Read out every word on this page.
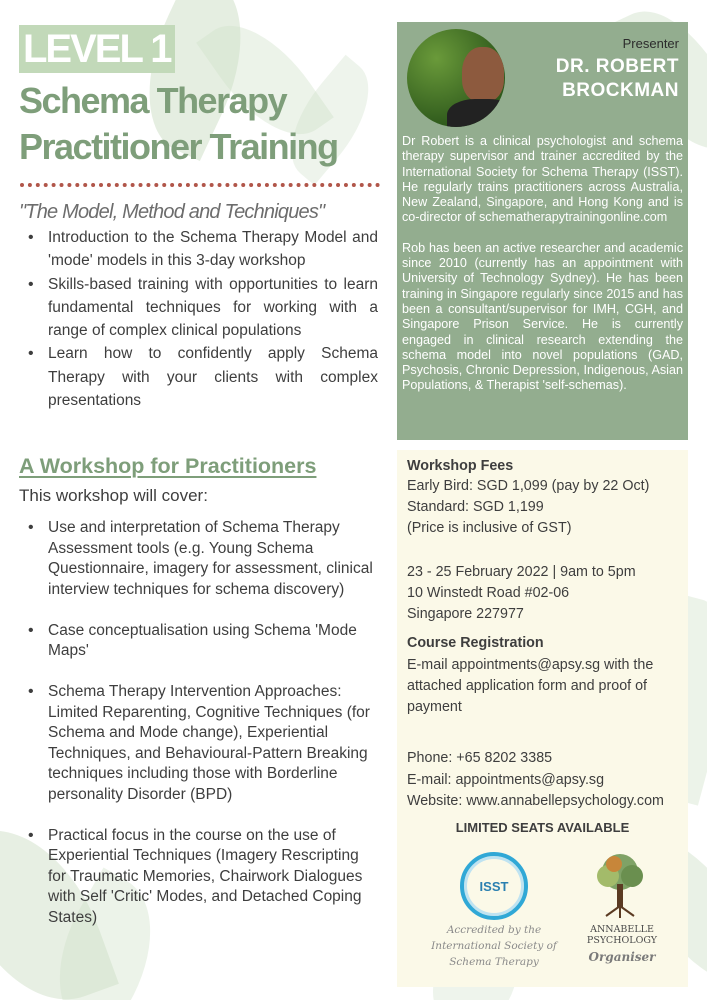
LEVEL 1
Schema Therapy Practitioner Training
"The Model, Method and Techniques"
• Introduction to the Schema Therapy Model and 'mode' models in this 3-day workshop
• Skills-based training with opportunities to learn fundamental techniques for working with a range of complex clinical populations
• Learn how to confidently apply Schema Therapy with your clients with complex presentations
Presenter
DR. ROBERT BROCKMAN

Dr Robert is a clinical psychologist and schema therapy supervisor and trainer accredited by the International Society for Schema Therapy (ISST). He regularly trains practitioners across Australia, New Zealand, Singapore, and Hong Kong and is co-director of schematherapytrainingonline.com

Rob has been an active researcher and academic since 2010 (currently has an appointment with University of Technology Sydney). He has been training in Singapore regularly since 2015 and has been a consultant/supervisor for IMH, CGH, and Singapore Prison Service. He is currently engaged in clinical research extending the schema model into novel populations (GAD, Psychosis, Chronic Depression, Indigenous, Asian Populations, & Therapist 'self-schemas).

A Workshop for Practitioners
This workshop will cover:
• Use and interpretation of Schema Therapy Assessment tools (e.g. Young Schema Questionnaire, imagery for assessment, clinical interview techniques for schema discovery)
• Case conceptualisation using Schema 'Mode Maps'
• Schema Therapy Intervention Approaches: Limited Reparenting, Cognitive Techniques (for Schema and Mode change), Experiential Techniques, and Behavioural-Pattern Breaking techniques including those with Borderline personality Disorder (BPD)
• Practical focus in the course on the use of Experiential Techniques (Imagery Rescripting for Traumatic Memories, Chairwork Dialogues with Self 'Critic' Modes, and Detached Coping States)
Workshop Fees
Early Bird: SGD 1,099 (pay by 22 Oct)
Standard: SGD 1,199
(Price is inclusive of GST)
23 - 25 February 2022 | 9am to 5pm
10 Winstedt Road #02-06
Singapore 227977
Course Registration
E-mail appointments@apsy.sg with the
attached application form and proof of
payment
Phone: +65 8202 3385
E-mail: appointments@apsy.sg
Website: www.annabellepsychology.com
LIMITED SEATS AVAILABLE
ISST
Accredited by the International Society of Schema Therapy
ANNABELLE PSYCHOLOGY
Organiser
